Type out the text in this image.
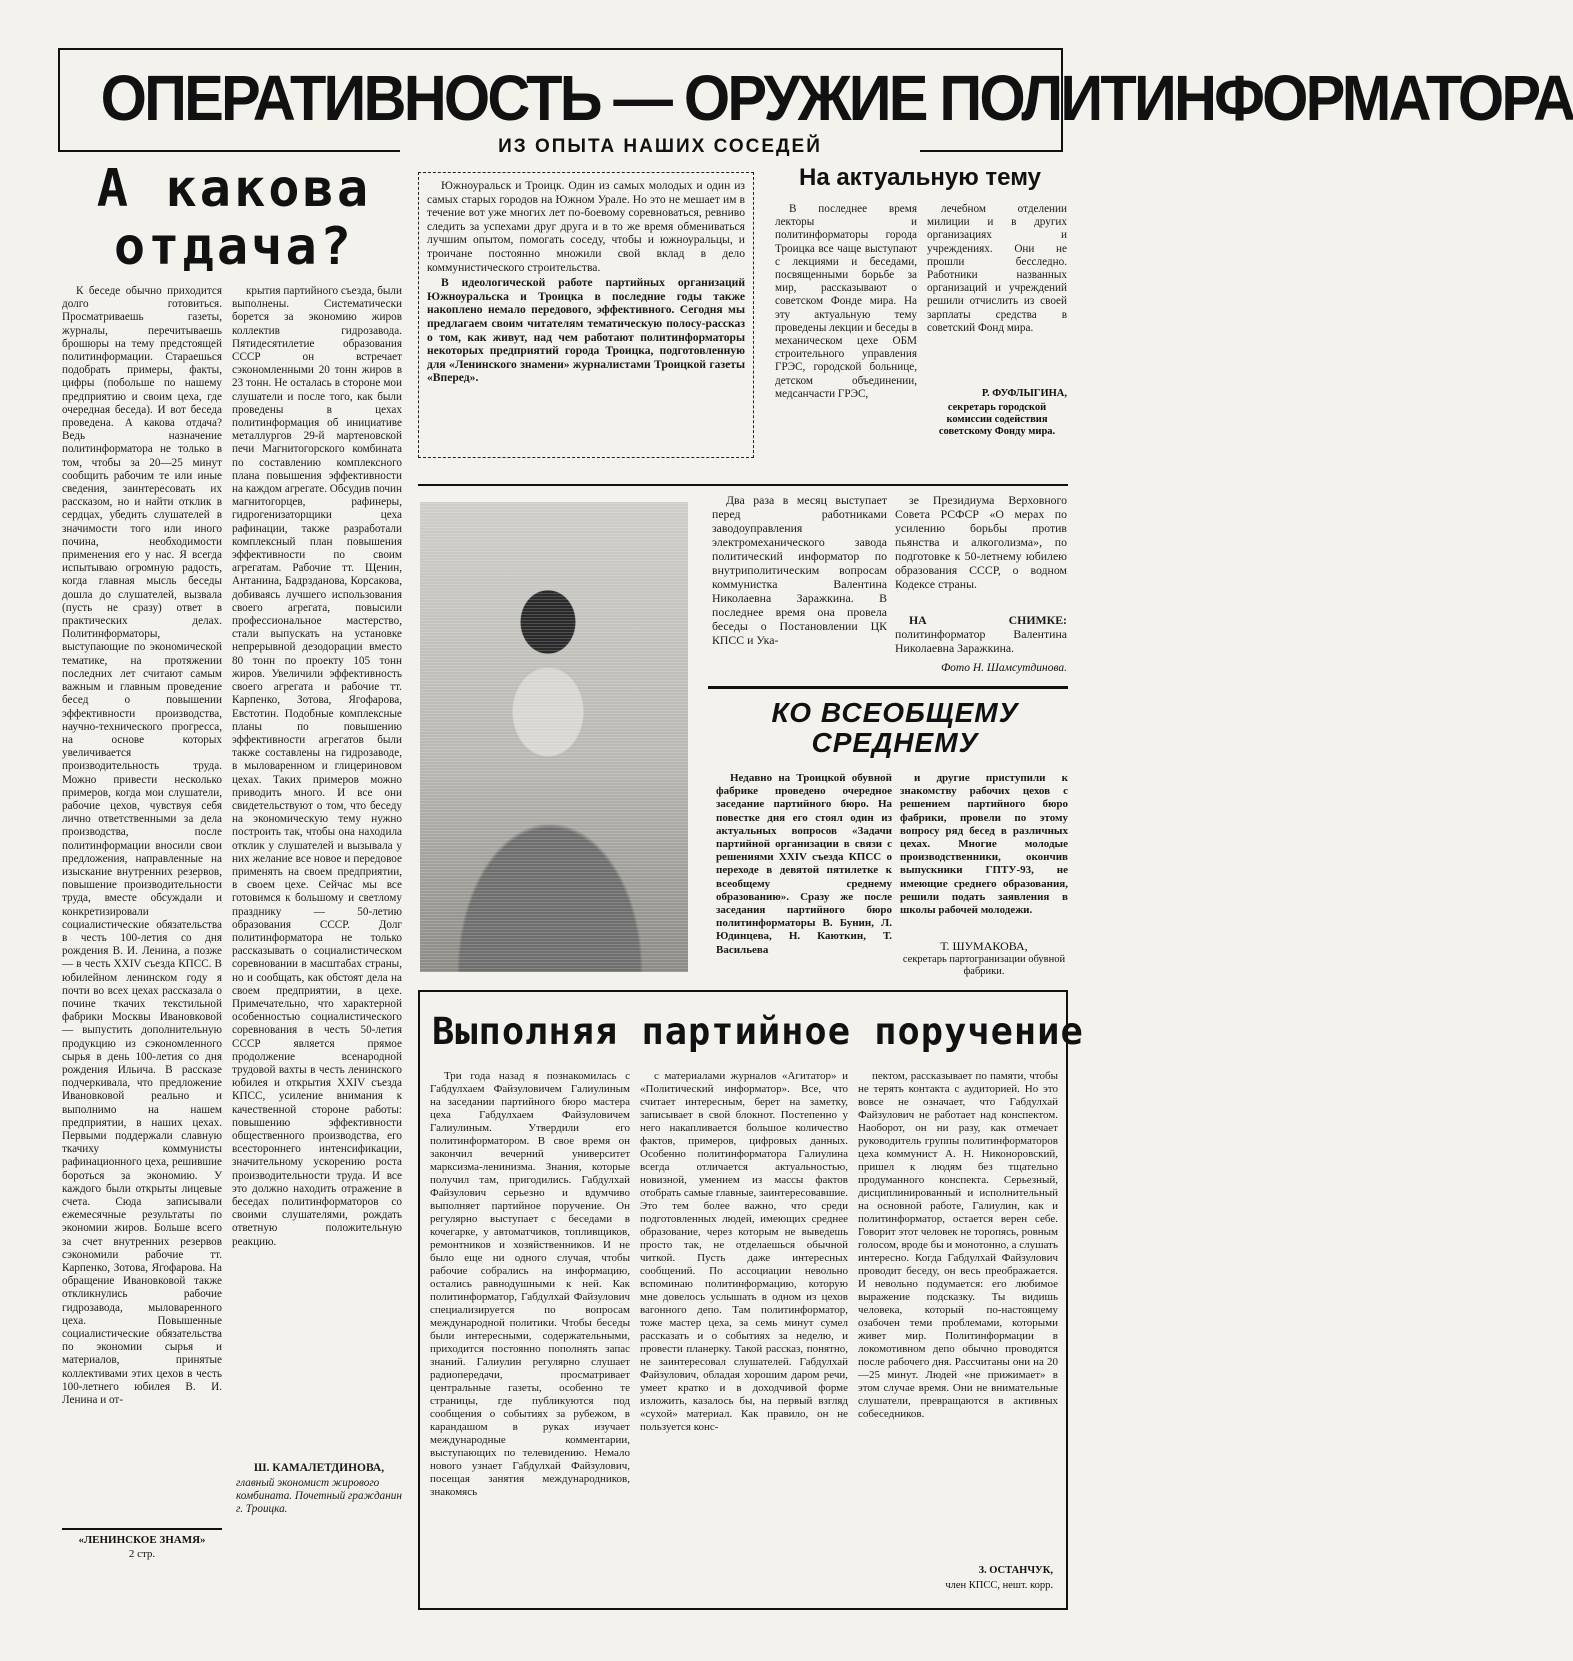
ОПЕРАТИВНОСТЬ — ОРУЖИЕ ПОЛИТИНФОРМАТОРА
ИЗ ОПЫТА НАШИХ СОСЕДЕЙ
А какова
отдача?

К беседе обычно приходится долго готовиться. Просматриваешь газеты, журналы, перечитываешь брошюры на тему предстоящей политинформации. Стараешься подобрать примеры, факты, цифры (побольше по нашему предприятию и своим цеха, где очередная беседа). И вот беседа проведена. А какова отдача? Ведь назначение политинформатора не только в том, чтобы за 20—25 минут сообщить рабочим те или иные сведения, заинтересовать их рассказом, но и найти отклик в сердцах, убедить слушателей в значимости того или иного почина, необходимости применения его у нас. Я всегда испытываю огромную радость, когда главная мысль беседы дошла до слушателей, вызвала (пусть не сразу) ответ в практических делах. Политинформаторы, выступающие по экономической тематике, на протяжении последних лет считают самым важным и главным проведение бесед о повышении эффективности производства, научно-технического прогресса, на основе которых увеличивается производительность труда. Можно привести несколько примеров, когда мои слушатели, рабочие цехов, чувствуя себя лично ответственными за дела производства, после политинформации вносили свои предложения, направленные на изыскание внутренних резервов, повышение производительности труда, вместе обсуждали и конкретизировали социалистические обязательства в честь 100-летия со дня рождения В. И. Ленина, а позже — в честь XXIV съезда КПСС. В юбилейном ленинском году я почти во всех цехах рассказала о почине ткачих текстильной фабрики Москвы Ивановковой — выпустить дополнительную продукцию из сэкономленного сырья в день 100-летия со дня рождения Ильича. В рассказе подчеркивала, что предложение Ивановковой реально и выполнимо на нашем предприятии, в наших цехах. Первыми поддержали славную ткачиху коммунисты рафинационного цеха, решившие бороться за экономию. У каждого были открыты лицевые счета. Сюда записывали ежемесячные результаты по экономии жиров. Больше всего за счет внутренних резервов сэкономили рабочие тт. Карпенко, Зотова, Ягофарова. На обращение Ивановковой также откликнулись рабочие гидрозавода, мыловаренного цеха. Повышенные социалистические обязательства по экономии сырья и материалов, принятые коллективами этих цехов в честь 100-летнего юбилея В. И. Ленина и от-

крытия партийного съезда, были выполнены. Систематически борется за экономию жиров коллектив гидрозавода. Пятидесятилетие образования СССР он встречает сэкономленными 20 тонн жиров в 23 тонн. Не осталась в стороне мои слушатели и после того, как были проведены в цехах политинформация об инициативе металлургов 29-й мартеновской печи Магнитогорского комбината по составлению комплексного плана повышения эффективности на каждом агрегате. Обсудив почин магнитогорцев, рафинеры, гидрогенизаторщики цеха рафинации, также разработали комплексный план повышения эффективности по своим агрегатам. Рабочие тт. Щенин, Антанина, Бадрзданова, Корсакова, добиваясь лучшего использования своего агрегата, повысили профессиональное мастерство, стали выпускать на установке непрерывной дезодорации вместо 80 тонн по проекту 105 тонн жиров. Увеличили эффективность своего агрегата и рабочие тт. Карпенко, Зотова, Ягофарова, Евстотин. Подобные комплексные планы по повышению эффективности агрегатов были также составлены на гидрозаводе, в мыловаренном и глицериновом цехах. Таких примеров можно приводить много. И все они свидетельствуют о том, что беседу на экономическую тему нужно построить так, чтобы она находила отклик у слушателей и вызывала у них желание все новое и передовое применять на своем предприятии, в своем цехе. Сейчас мы все готовимся к большому и светлому празднику — 50-летию образования СССР. Долг политинформатора не только рассказывать о социалистическом соревновании в масштабах страны, но и сообщать, как обстоят дела на своем предприятии, в цехе. Примечательно, что характерной особенностью социалистического соревнования в честь 50-летия СССР является прямое продолжение всенародной трудовой вахты в честь ленинского юбилея и открытия XXIV съезда КПСС, усиление внимания к качественной стороне работы: повышению эффективности общественного производства, его всестороннего интенсификации, значительному ускорению роста производительности труда. И все это должно находить отражение в беседах политинформаторов со своими слушателями, рождать ответную положительную реакцию.

Ш. КАМАЛЕТДИНОВА,
главный экономист жирового комбината. Почетный гражданин г. Троицка.
«ЛЕНИНСКОЕ ЗНАМЯ»
2 стр.

Южноуральск и Троицк. Один из самых молодых и один из самых старых городов на Южном Урале. Но это не мешает им в течение вот уже многих лет по-боевому соревноваться, ревниво следить за успехами друг друга и в то же время обмениваться лучшим опытом, помогать соседу, чтобы и южноуральцы, и троичане постоянно множили свой вклад в дело коммунистического строительства.

В идеологической работе партийных организаций Южноуральска и Троицка в последние годы также накоплено немало передового, эффективного. Сегодня мы предлагаем своим читателям тематическую полосу-рассказ о том, как живут, над чем работают политинформаторы некоторых предприятий города Троицка, подготовленную для «Ленинского знамени» журналистами Троицкой газеты «Вперед».

На актуальную тему

В последнее время лекторы и политинформаторы города Троицка все чаще выступают с лекциями и беседами, посвященными борьбе за мир, рассказывают о советском Фонде мира. На эту актуальную тему проведены лекции и беседы в механическом цехе ОБМ строительного управления ГРЭС, городской больнице, детском объединении, медсанчасти ГРЭС,

лечебном отделении милиции и в других организациях и учреждениях. Они не прошли бесследно. Работники названных организаций и учреждений решили отчислить из своей зарплаты средства в советский Фонд мира.

Р. ФУФЛЫГИНА,
секретарь городской комиссии содействия советскому Фонду мира.

Два раза в месяц выступает перед работниками заводоуправления электромеханического завода политический информатор по внутриполитическим вопросам коммунистка Валентина Николаевна Заражкина. В последнее время она провела беседы о Постановлении ЦК КПСС и Ука-

зе Президиума Верховного Совета РСФСР «О мерах по усилению борьбы против пьянства и алкоголизма», по подготовке к 50-летнему юбилею образования СССР, о водном Кодексе страны.

НА СНИМКЕ: политинформатор Валентина Николаевна Заражкина.

Фото Н. Шамсутдинова.
КО ВСЕОБЩЕМУ
СРЕДНЕМУ

Недавно на Троицкой обувной фабрике проведено очередное заседание партийного бюро. На повестке дня его стоял один из актуальных вопросов «Задачи партийной организации в связи с решениями XXIV съезда КПСС о переходе в девятой пятилетке к всеобщему среднему образованию». Сразу же после заседания партийного бюро политинформаторы В. Бунин, Л. Юдинцева, Н. Каюткин, Т. Васильева

и другие приступили к знакомству рабочих цехов с решением партийного бюро фабрики, провели по этому вопросу ряд бесед в различных цехах. Многие молодые производственники, окончив выпускники ГПТУ-93, не имеющие среднего образования, решили подать заявления в школы рабочей молодежи.

Т. ШУМАКОВА,
секретарь партогранизации обувной фабрики.
Выполняя партийное поручение

Три года назад я познакомилась с Габдулхаем Файзуловичем Галиулиным на заседании партийного бюро мастера цеха Габдулхаем Файзуловичем Галиулиным. Утвердили его политинформатором. В свое время он закончил вечерний университет марксизма-ленинизма. Знания, которые получил там, пригодились. Габдулхай Файзулович серьезно и вдумчиво выполняет партийное поручение. Он регулярно выступает с беседами в кочегарке, у автоматчиков, топливщиков, ремонтников и хозяйственников. И не было еще ни одного случая, чтобы рабочие собрались на информацию, остались равнодушными к ней. Как политинформатор, Габдулхай Файзулович специализируется по вопросам международной политики. Чтобы беседы были интересными, содержательными, приходится постоянно пополнять запас знаний. Галиулин регулярно слушает радиопередачи, просматривает центральные газеты, особенно те страницы, где публикуются под сообщения о событиях за рубежом, в карандашом в руках изучает международные комментарии, выступающих по телевидению. Немало нового узнает Габдулхай Файзулович, посещая занятия международников, знакомясь

с материалами журналов «Агитатор» и «Политический информатор». Все, что считает интересным, берет на заметку, записывает в свой блокнот. Постепенно у него накапливается большое количество фактов, примеров, цифровых данных. Особенно политинформатора Галиулина всегда отличается актуальностью, новизной, умением из массы фактов отобрать самые главные, заинтересовавшие. Это тем более важно, что среди подготовленных людей, имеющих среднее образование, через которым не выведешь просто так, не отделаешься обычной читкой. Пусть даже интересных сообщений. По ассоциации невольно вспоминаю политинформацию, которую мне довелось услышать в одном из цехов вагонного депо. Там политинформатор, тоже мастер цеха, за семь минут сумел рассказать и о событиях за неделю, и провести планерку. Такой рассказ, понятно, не заинтересовал слушателей. Габдулхай Файзулович, обладая хорошим даром речи, умеет кратко и в доходчивой форме изложить, казалось бы, на первый взгляд «сухой» материал. Как правило, он не пользуется конс-

пектом, рассказывает по памяти, чтобы не терять контакта с аудиторией. Но это вовсе не означает, что Габдулхай Файзулович не работает над конспектом. Наоборот, он ни разу, как отмечает руководитель группы политинформаторов цеха коммунист А. Н. Никоноровский, пришел к людям без тщательно продуманного конспекта. Серьезный, дисциплинированный и исполнительный на основной работе, Галиулин, как и политинформатор, остается верен себе. Говорит этот человек не торопясь, ровным голосом, вроде бы и монотонно, а слушать интересно. Когда Габдулхай Файзулович проводит беседу, он весь преображается. И невольно подумается: его любимое выражение подсказку. Ты видишь человека, который по-настоящему озабочен теми проблемами, которыми живет мир. Политинформации в локомотивном депо обычно проводятся после рабочего дня. Рассчитаны они на 20—25 минут. Людей «не прижимает» в этом случае время. Они не внимательные слушатели, превращаются в активных собеседников.

З. ОСТАНЧУК,
член КПСС, нешт. корр.
